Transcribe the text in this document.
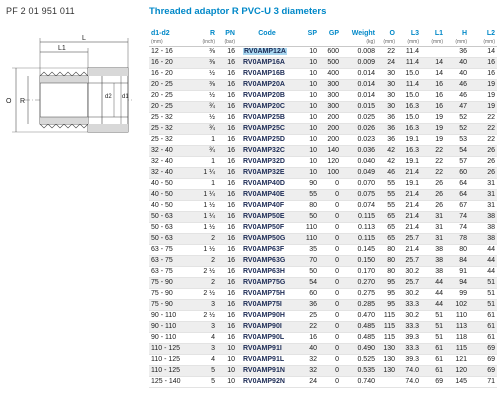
PF 2 01 951 011	Threaded adaptor R PVC-U 3 diameters
L1
L
O R
d2 d1
d1-d2	R	PN	Code	SP	GP	Weight	O	L3	L1	H	L2
(mm)	(inch)	(bar)				(kg)	(mm)	(mm)	(mm)	(mm)	(mm)
12 - 16	⅜	16	RV0AMP12A	10	600	0.008	22	11.4		36	14
16 - 20	⅜	16	RV0AMP16A	10	500	0.009	24	11.4	14	40	16
16 - 20	½	16	RV0AMP16B	10	400	0.014	30	15.0	14	40	16
20 - 25	⅜	16	RV0AMP20A	10	300	0.014	30	11.4	16	46	19
20 - 25	½	16	RV0AMP20B	10	300	0.014	30	15.0	16	46	19
20 - 25	¾	16	RV0AMP20C	10	300	0.015	30	16.3	16	47	19
25 - 32	½	16	RV0AMP25B	10	200	0.025	36	15.0	19	52	22
25 - 32	¾	16	RV0AMP25C	10	200	0.026	36	16.3	19	52	22
25 - 32	1	16	RV0AMP25D	10	200	0.023	36	19.1	19	53	22
32 - 40	¾	16	RV0AMP32C	10	140	0.036	42	16.3	22	54	26
32 - 40	1	16	RV0AMP32D	10	120	0.040	42	19.1	22	57	26
32 - 40	1 ¼	16	RV0AMP32E	10	100	0.049	46	21.4	22	60	26
40 - 50	1	16	RV0AMP40D	90	0	0.070	55	19.1	26	64	31
40 - 50	1 ¼	16	RV0AMP40E	55	0	0.075	55	21.4	26	64	31
40 - 50	1 ½	16	RV0AMP40F	80	0	0.074	55	21.4	26	67	31
50 - 63	1 ¼	16	RV0AMP50E	50	0	0.115	65	21.4	31	74	38
50 - 63	1 ½	16	RV0AMP50F	110	0	0.113	65	21.4	31	74	38
50 - 63	2	16	RV0AMP50G	110	0	0.115	65	25.7	31	78	38
63 - 75	1 ½	16	RV0AMP63F	35	0	0.145	80	21.4	38	80	44
63 - 75	2	16	RV0AMP63G	70	0	0.150	80	25.7	38	84	44
63 - 75	2 ½	16	RV0AMP63H	50	0	0.170	80	30.2	38	91	44
75 - 90	2	16	RV0AMP75G	54	0	0.270	95	25.7	44	94	51
75 - 90	2 ½	16	RV0AMP75H	60	0	0.275	95	30.2	44	99	51
75 - 90	3	16	RV0AMP75I	36	0	0.285	95	33.3	44	102	51
90 - 110	2 ½	16	RV0AMP90H	25	0	0.470	115	30.2	51	110	61
90 - 110	3	16	RV0AMP90I	22	0	0.485	115	33.3	51	113	61
90 - 110	4	16	RV0AMP90L	16	0	0.485	115	39.3	51	118	61
110 - 125	3	10	RV0AMP91I	40	0	0.490	130	33.3	61	115	69
110 - 125	4	10	RV0AMP91L	32	0	0.525	130	39.3	61	121	69
110 - 125	5	10	RV0AMP91N	32	0	0.535	130	74.0	61	120	69
125 - 140	5	10	RV0AMP92N	24	0	0.740		74.0	69	145	71
